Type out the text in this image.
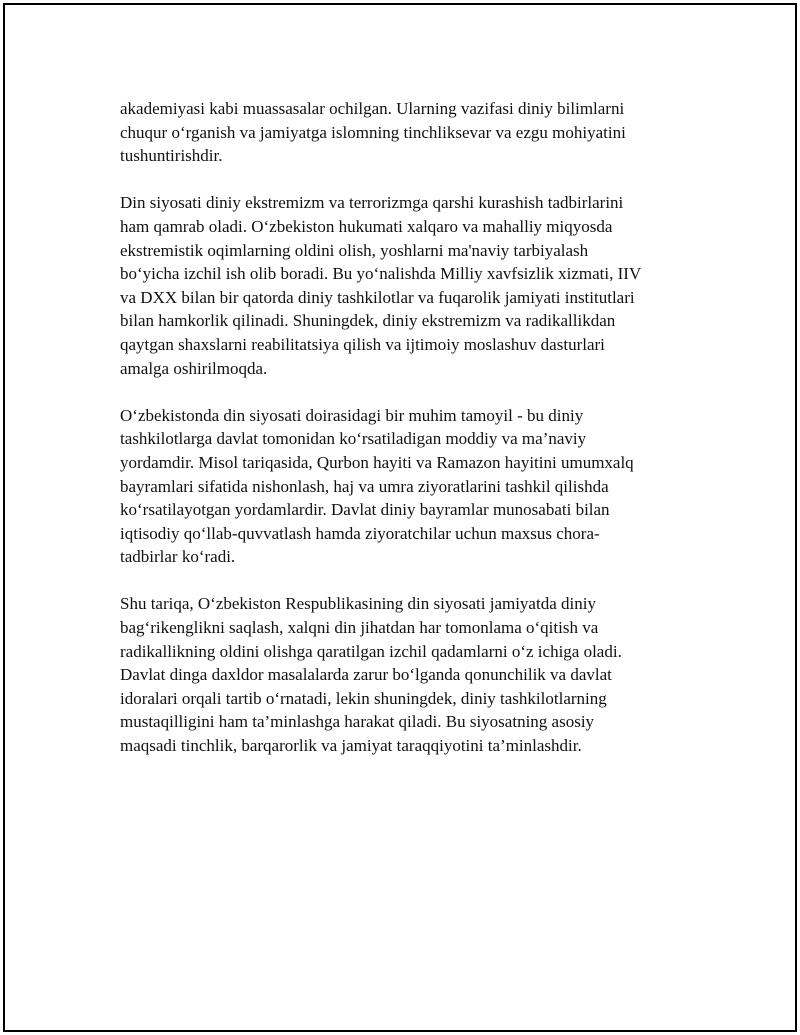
akademiyasi kabi muassasalar ochilgan. Ularning vazifasi diniy bilimlarni
chuqur o‘rganish va jamiyatga islomning tinchliksevar va ezgu mohiyatini
tushuntirishdir.

Din siyosati diniy ekstremizm va terrorizmga qarshi kurashish tadbirlarini
ham qamrab oladi. O‘zbekiston hukumati xalqaro va mahalliy miqyosda
ekstremistik oqimlarning oldini olish, yoshlarni ma'naviy tarbiyalash
bo‘yicha izchil ish olib boradi. Bu yo‘nalishda Milliy xavfsizlik xizmati, IIV
va DXX bilan bir qatorda diniy tashkilotlar va fuqarolik jamiyati institutlari
bilan hamkorlik qilinadi. Shuningdek, diniy ekstremizm va radikallikdan
qaytgan shaxslarni reabilitatsiya qilish va ijtimoiy moslashuv dasturlari
amalga oshirilmoqda.

O‘zbekistonda din siyosati doirasidagi bir muhim tamoyil - bu diniy
tashkilotlarga davlat tomonidan ko‘rsatiladigan moddiy va ma’naviy
yordamdir. Misol tariqasida, Qurbon hayiti va Ramazon hayitini umumxalq
bayramlari sifatida nishonlash, haj va umra ziyoratlarini tashkil qilishda
ko‘rsatilayotgan yordamlardir. Davlat diniy bayramlar munosabati bilan
iqtisodiy qo‘llab-quvvatlash hamda ziyoratchilar uchun maxsus chora-
tadbirlar ko‘radi.

Shu tariqa, O‘zbekiston Respublikasining din siyosati jamiyatda diniy
bag‘rikenglikni saqlash, xalqni din jihatdan har tomonlama o‘qitish va
radikallikning oldini olishga qaratilgan izchil qadamlarni o‘z ichiga oladi.
Davlat dinga daxldor masalalarda zarur bo‘lganda qonunchilik va davlat
idoralari orqali tartib o‘rnatadi, lekin shuningdek, diniy tashkilotlarning
mustaqilligini ham ta’minlashga harakat qiladi. Bu siyosatning asosiy
maqsadi tinchlik, barqarorlik va jamiyat taraqqiyotini ta’minlashdir.
